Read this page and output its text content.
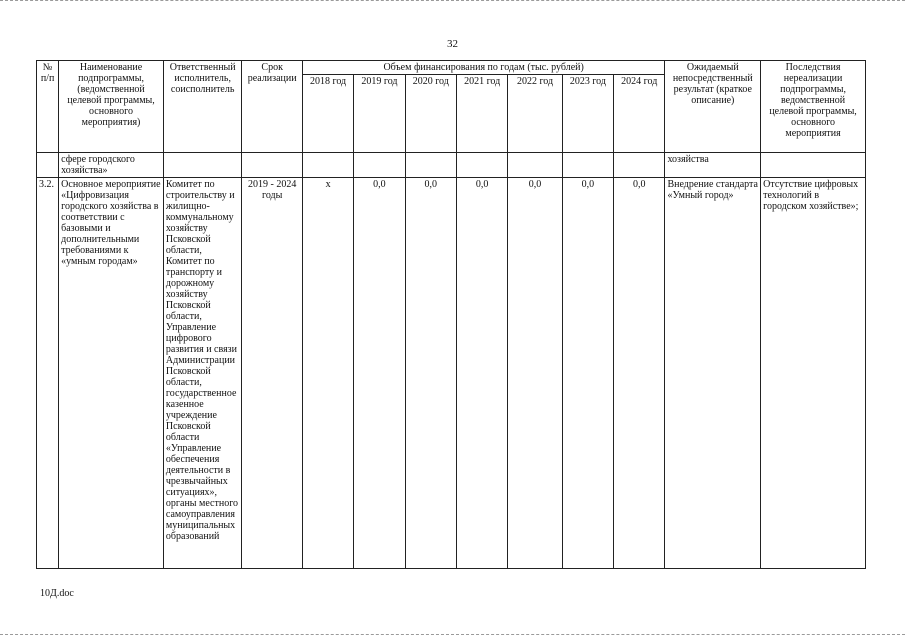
32
№ п/п	Наименование подпрограммы, (ведомственной целевой программы, основного мероприятия)	Ответственный исполнитель, соисполнитель	Срок реализации	Объем финансирования по годам (тыс. рублей)							Ожидаемый непосредственный результат (краткое описание)	Последствия нереализации подпрограммы, ведомственной целевой программы, основного мероприятия
				2018 год	2019 год	2020 год	2021 год	2022 год	2023 год	2024 год		
	сфере городского хозяйства»										хозяйства	
3.2.	Основное мероприятие «Цифровизация городского хозяйства в соответствии с базовыми и дополнительными требованиями к «умным городам»	Комитет по строительству и жилищно-коммунальному хозяйству Псковской области, Комитет по транспорту и дорожному хозяйству Псковской области, Управление цифрового развития и связи Администрации Псковской области, государственное казенное учреждение Псковской области «Управление обеспечения деятельности в чрезвычайных ситуациях», органы местного самоуправления муниципальных образований	2019 - 2024 годы	х	0,0	0,0	0,0	0,0	0,0	0,0	Внедрение стандарта «Умный город»	Отсутствие цифровых технологий в городском хозяйстве»;
10Д.doc
